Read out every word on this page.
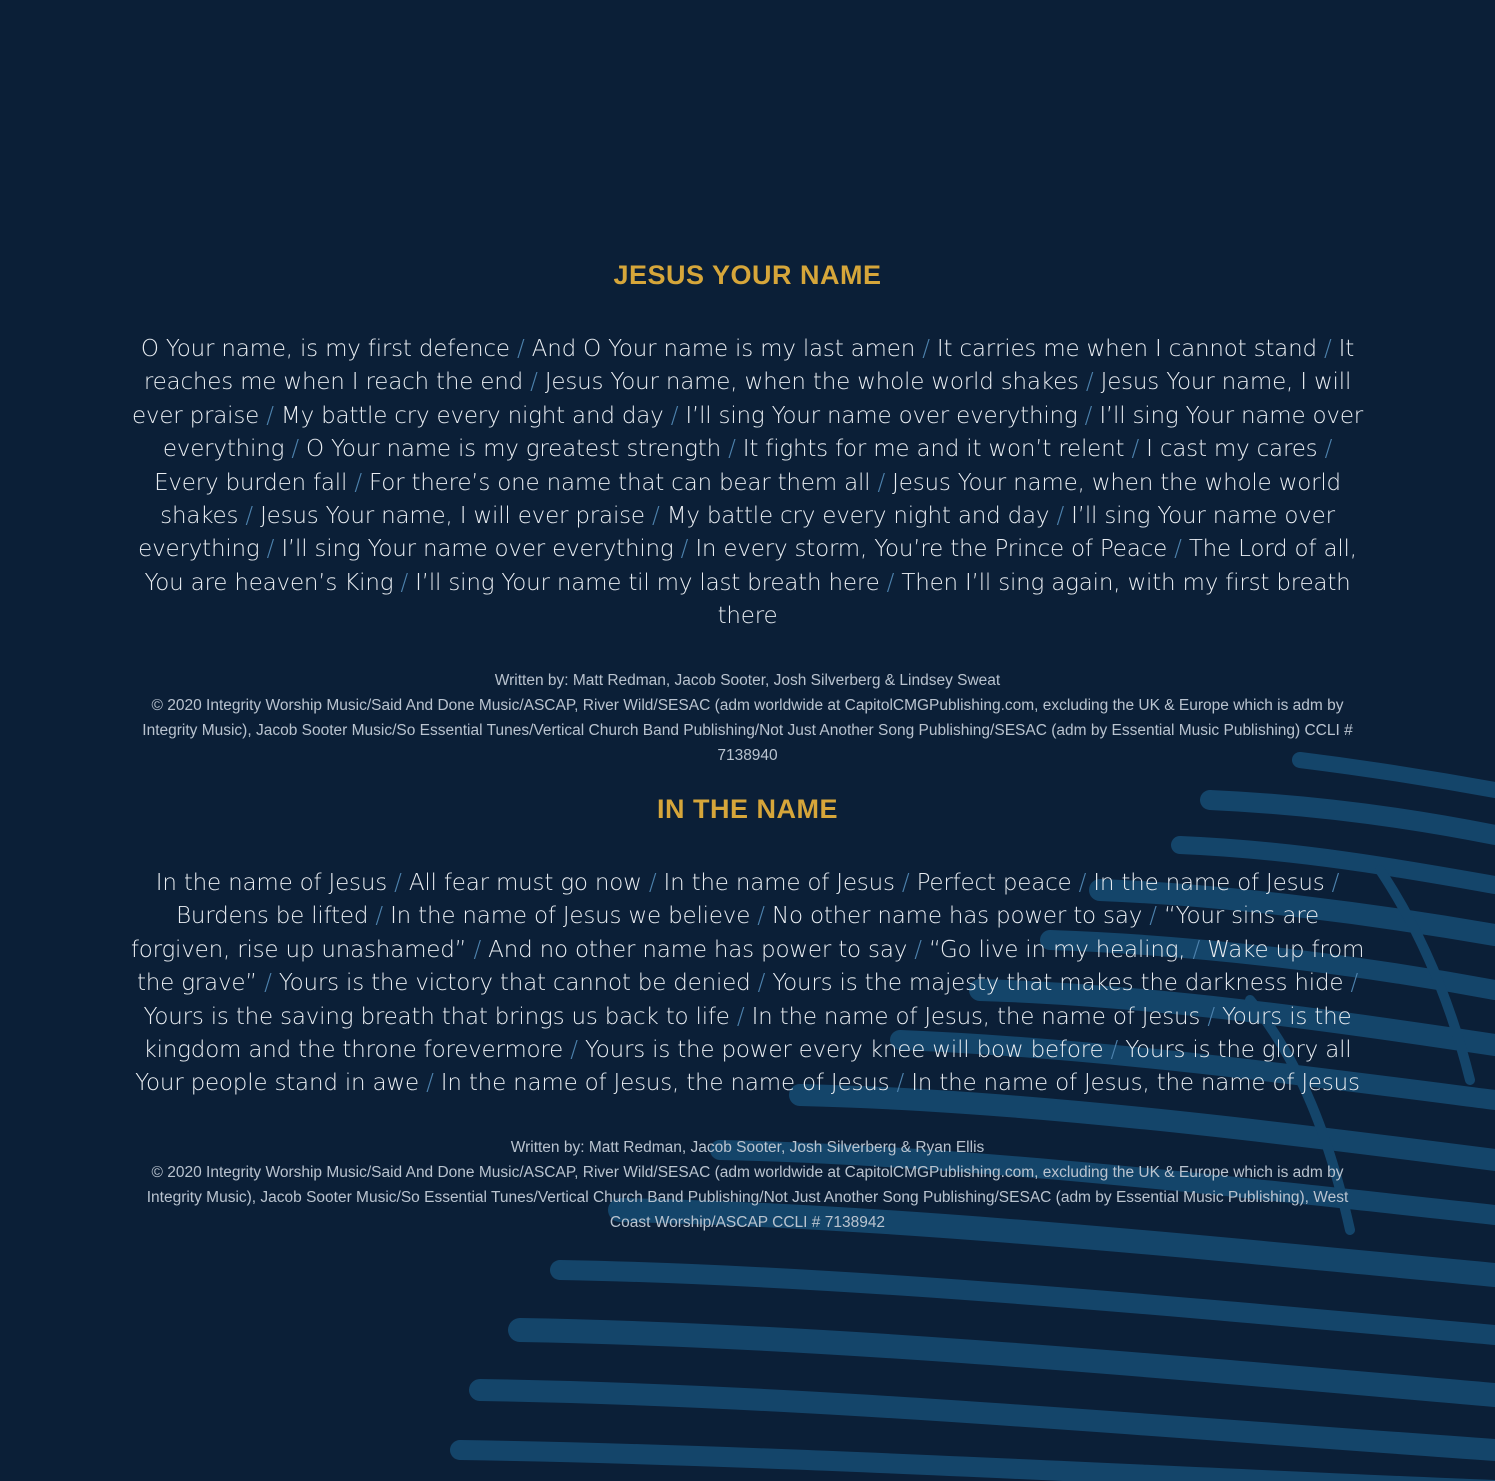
JESUS YOUR NAME

O Your name, is my first defence / And O Your name is my last amen / It carries me when I cannot stand / It reaches me when I reach the end / Jesus Your name, when the whole world shakes / Jesus Your name, I will ever praise / My battle cry every night and day / I’ll sing Your name over everything / I’ll sing Your name over everything / O Your name is my greatest strength / It fights for me and it won’t relent / I cast my cares / Every burden fall / For there’s one name that can bear them all / Jesus Your name, when the whole world shakes / Jesus Your name, I will ever praise / My battle cry every night and day / I’ll sing Your name over everything / I’ll sing Your name over everything / In every storm, You’re the Prince of Peace / The Lord of all, You are heaven’s King / I’ll sing Your name til my last breath here / Then I’ll sing again, with my first breath there

Written by: Matt Redman, Jacob Sooter, Josh Silverberg & Lindsey Sweat
© 2020 Integrity Worship Music/Said And Done Music/ASCAP, River Wild/SESAC (adm worldwide at CapitolCMGPublishing.com, excluding the UK & Europe which is adm by Integrity Music), Jacob Sooter Music/So Essential Tunes/Vertical Church Band Publishing/Not Just Another Song Publishing/SESAC (adm by Essential Music Publishing) CCLI # 7138940
IN THE NAME

In the name of Jesus / All fear must go now / In the name of Jesus / Perfect peace / In the name of Jesus / Burdens be lifted / In the name of Jesus we believe / No other name has power to say / “Your sins are forgiven, rise up unashamed” / And no other name has power to say / “Go live in my healing, / Wake up from the grave” / Yours is the victory that cannot be denied / Yours is the majesty that makes the darkness hide / Yours is the saving breath that brings us back to life / In the name of Jesus, the name of Jesus / Yours is the kingdom and the throne forevermore / Yours is the power every knee will bow before / Yours is the glory all Your people stand in awe / In the name of Jesus, the name of Jesus / In the name of Jesus, the name of Jesus

Written by: Matt Redman, Jacob Sooter, Josh Silverberg & Ryan Ellis
© 2020 Integrity Worship Music/Said And Done Music/ASCAP, River Wild/SESAC (adm worldwide at CapitolCMGPublishing.com, excluding the UK & Europe which is adm by Integrity Music), Jacob Sooter Music/So Essential Tunes/Vertical Church Band Publishing/Not Just Another Song Publishing/SESAC (adm by Essential Music Publishing), West Coast Worship/ASCAP CCLI # 7138942
